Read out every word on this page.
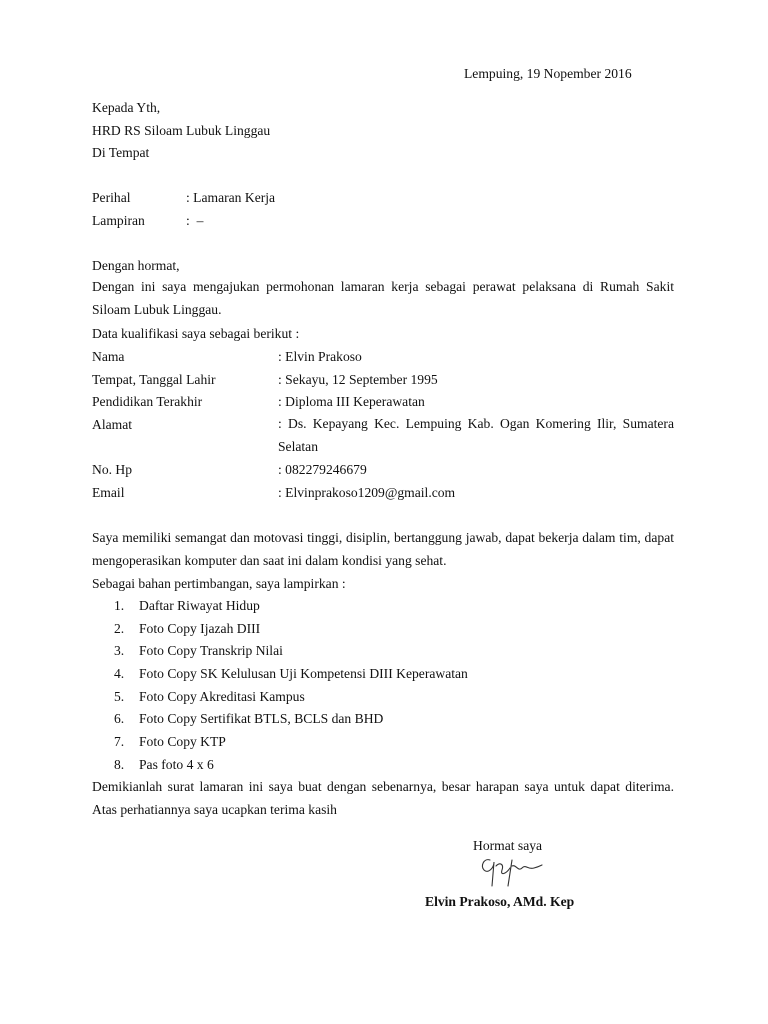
Lempuing, 19 Nopember 2016
Kepada Yth,
HRD RS Siloam Lubuk Linggau
Di Tempat
Perihal	: Lamaran Kerja
Lampiran	:  –
Dengan hormat,
Dengan ini saya mengajukan permohonan lamaran kerja sebagai perawat pelaksana di Rumah Sakit Siloam Lubuk Linggau.
Data kualifikasi saya sebagai berikut :
Nama	: Elvin Prakoso
Tempat, Tanggal Lahir	: Sekayu, 12 September 1995
Pendidikan Terakhir	: Diploma III Keperawatan
Alamat	: Ds. Kepayang Kec. Lempuing Kab. Ogan Komering Ilir, Sumatera Selatan
No. Hp	: 082279246679
Email	: Elvinprakoso1209@gmail.com
Saya memiliki semangat dan motovasi tinggi, disiplin, bertanggung jawab, dapat bekerja dalam tim, dapat mengoperasikan komputer dan saat ini dalam kondisi yang sehat.
Sebagai bahan pertimbangan, saya lampirkan :
1.	Daftar Riwayat Hidup
2.	Foto Copy Ijazah DIII
3.	Foto Copy Transkrip Nilai
4.	Foto Copy SK Kelulusan Uji Kompetensi DIII Keperawatan
5.	Foto Copy Akreditasi Kampus
6.	Foto Copy Sertifikat BTLS, BCLS dan BHD
7.	Foto Copy KTP
8.	Pas foto 4 x 6
Demikianlah surat lamaran ini saya buat dengan sebenarnya, besar harapan saya untuk dapat diterima. Atas perhatiannya saya ucapkan terima kasih
Hormat saya
Elvin Prakoso, AMd. Kep
